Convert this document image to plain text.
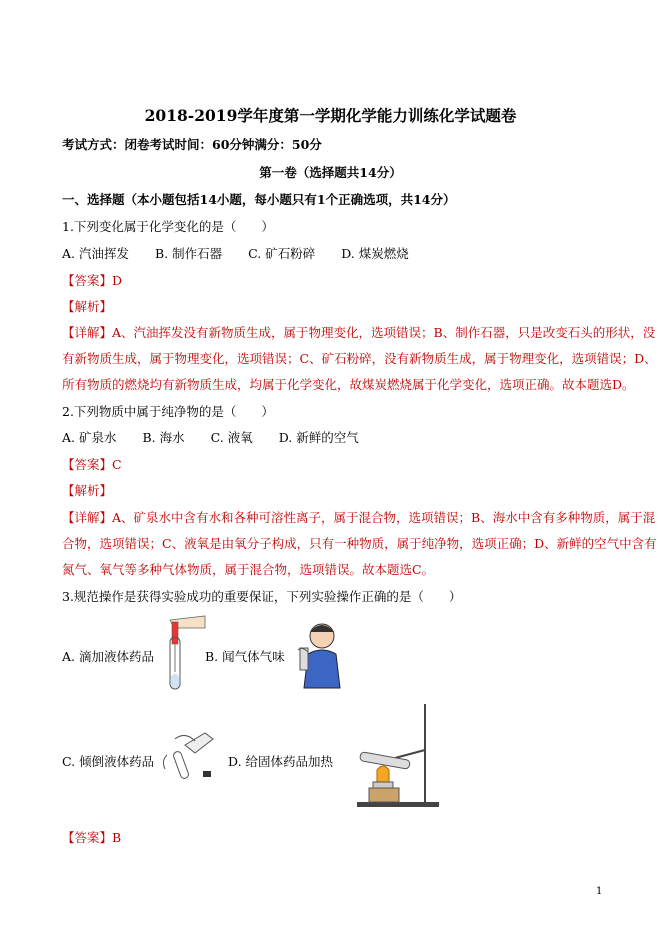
2018-2019学年度第一学期化学能力训练化学试题卷
考试方式：闭卷考试时间：60分钟满分：50分
第一卷（选择题共14分）
一、选择题（本小题包括14小题，每小题只有1个正确选项，共14分）
1.下列变化属于化学变化的是（　　）
A. 汽油挥发 B. 制作石器 C. 矿石粉碎 D. 煤炭燃烧
【答案】D
【解析】
【详解】A、汽油挥发没有新物质生成，属于物理变化，选项错误；B、制作石器，只是改变石头的形状，没
有新物质生成，属于物理变化，选项错误；C、矿石粉碎，没有新物质生成，属于物理变化，选项错误；D、
所有物质的燃烧均有新物质生成，均属于化学变化，故煤炭燃烧属于化学变化，选项正确。故本题选D。
2.下列物质中属于纯净物的是（　　）
A. 矿泉水 B. 海水 C. 液氧 D. 新鲜的空气
【答案】C
【解析】
【详解】A、矿泉水中含有水和各种可溶性离子，属于混合物，选项错误；B、海水中含有多种物质，属于混
合物，选项错误；C、液氧是由氧分子构成，只有一种物质，属于纯净物，选项正确；D、新鲜的空气中含有
氮气、氧气等多种气体物质，属于混合物，选项错误。故本题选C。
3.规范操作是获得实验成功的重要保证，下列实验操作正确的是（　　）
A. 滴加液体药品	B. 闻气体气味
C. 倾倒液体药品	D. 给固体药品加热
【答案】B
1
